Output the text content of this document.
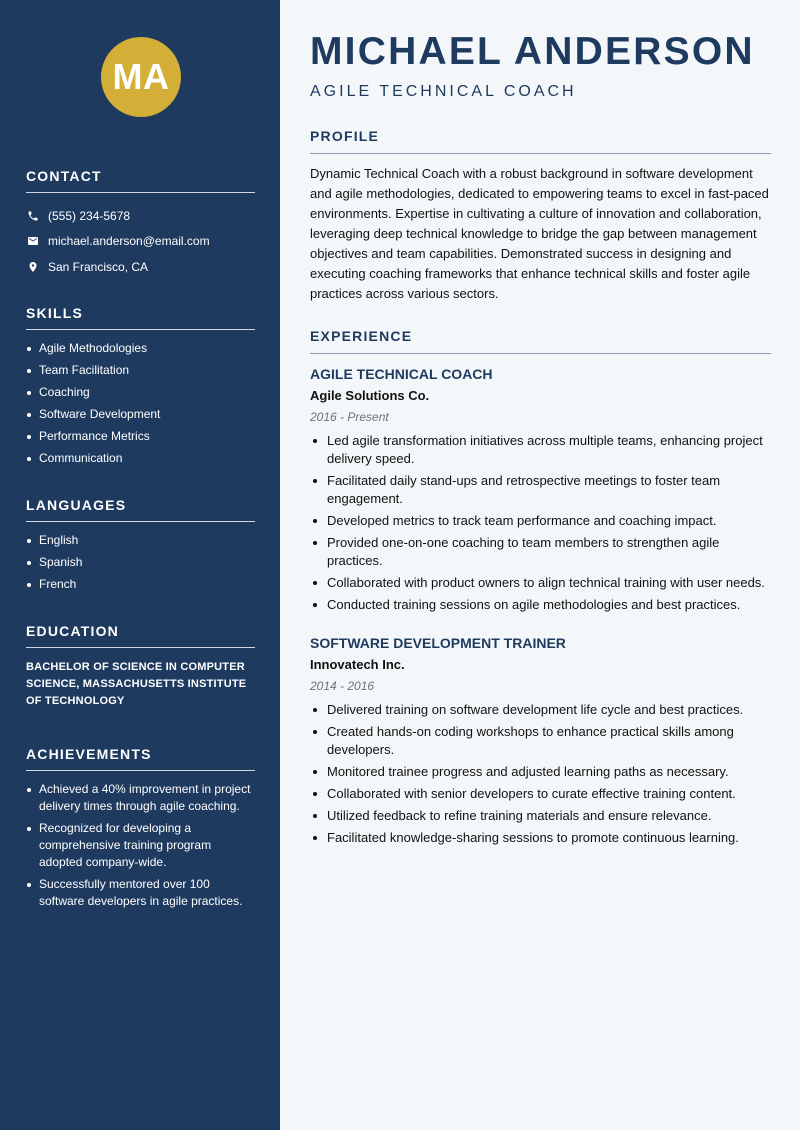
MA
CONTACT
(555) 234-5678
michael.anderson@email.com
San Francisco, CA
SKILLS
Agile Methodologies
Team Facilitation
Coaching
Software Development
Performance Metrics
Communication
LANGUAGES
English
Spanish
French
EDUCATION

BACHELOR OF SCIENCE IN COMPUTER SCIENCE, MASSACHUSETTS INSTITUTE OF TECHNOLOGY

ACHIEVEMENTS
Achieved a 40% improvement in project delivery times through agile coaching.
Recognized for developing a comprehensive training program adopted company-wide.
Successfully mentored over 100 software developers in agile practices.
MICHAEL ANDERSON
AGILE TECHNICAL COACH
PROFILE

Dynamic Technical Coach with a robust background in software development and agile methodologies, dedicated to empowering teams to excel in fast-paced environments. Expertise in cultivating a culture of innovation and collaboration, leveraging deep technical knowledge to bridge the gap between management objectives and team capabilities. Demonstrated success in designing and executing coaching frameworks that enhance technical skills and foster agile practices across various sectors.

EXPERIENCE
AGILE TECHNICAL COACH
Agile Solutions Co.
2016 - Present
Led agile transformation initiatives across multiple teams, enhancing project delivery speed.
Facilitated daily stand-ups and retrospective meetings to foster team engagement.
Developed metrics to track team performance and coaching impact.
Provided one-on-one coaching to team members to strengthen agile practices.
Collaborated with product owners to align technical training with user needs.
Conducted training sessions on agile methodologies and best practices.
SOFTWARE DEVELOPMENT TRAINER
Innovatech Inc.
2014 - 2016
Delivered training on software development life cycle and best practices.
Created hands-on coding workshops to enhance practical skills among developers.
Monitored trainee progress and adjusted learning paths as necessary.
Collaborated with senior developers to curate effective training content.
Utilized feedback to refine training materials and ensure relevance.
Facilitated knowledge-sharing sessions to promote continuous learning.
